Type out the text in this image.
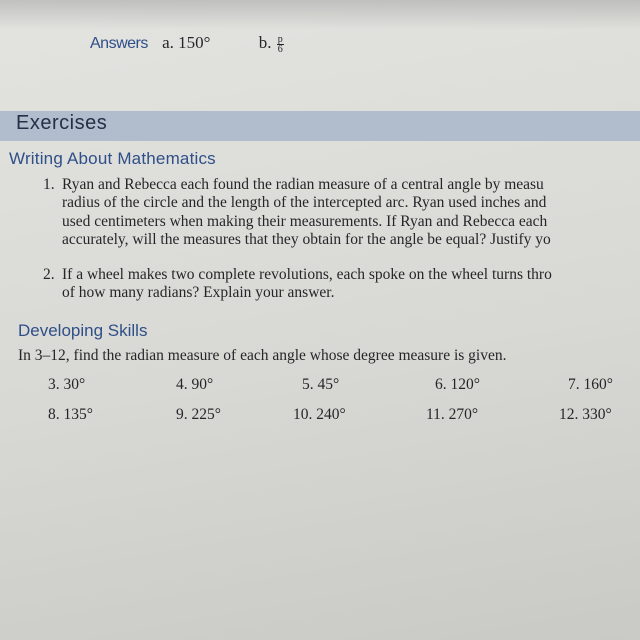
Answers a. 150°	b. $\frac{p}{6}$
Exercises
Writing About Mathematics
1. Ryan and Rebecca each found the radian measure of a central angle by measu
radius of the circle and the length of the intercepted arc. Ryan used inches and
used centimeters when making their measurements. If Ryan and Rebecca each
accurately, will the measures that they obtain for the angle be equal? Justify yo
2. If a wheel makes two complete revolutions, each spoke on the wheel turns thro
of how many radians? Explain your answer.
Developing Skills
In 3–12, find the radian measure of each angle whose degree measure is given.
3. 30°	4. 90°	5. 45°	6. 120°	7. 160°
8. 135°	9. 225°	10. 240°	11. 270°	12. 330°
